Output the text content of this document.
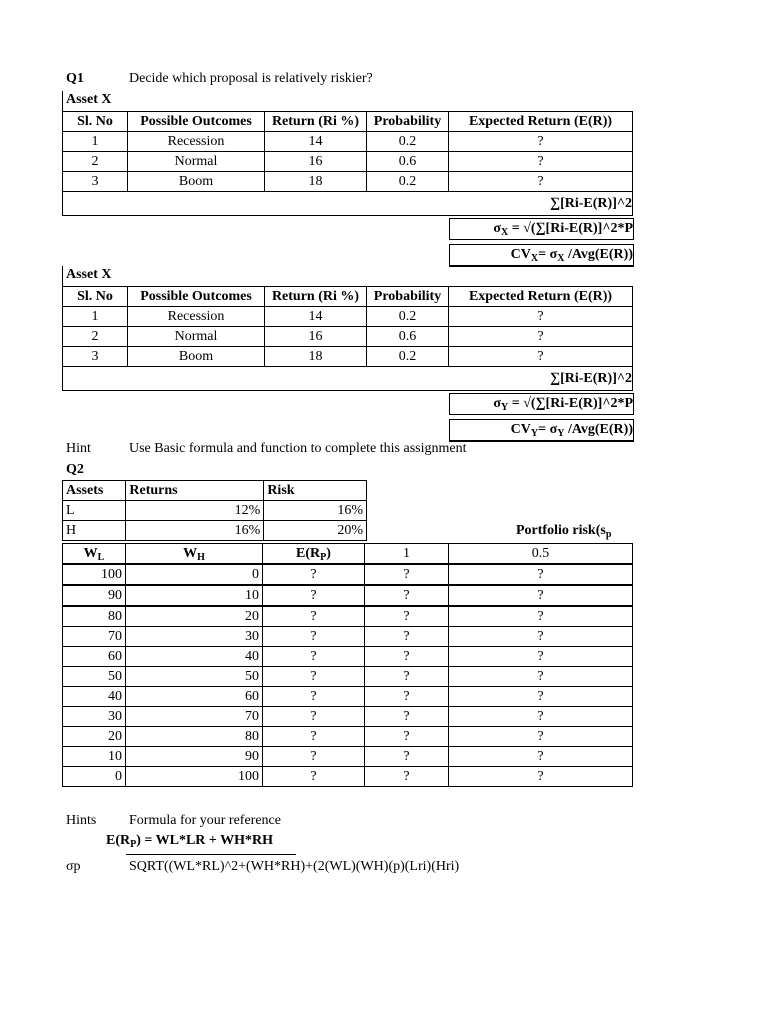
Q1	Decide which proposal is relatively riskier?
Asset X
Sl. No	Possible Outcomes	Return (Ri %)	Probability	Expected Return (E(R))
1	Recession	14	0.2	?
2	Normal	16	0.6	?
3	Boom	18	0.2	?
∑[Ri-E(R)]^2				
$\sigma_X$ = √(∑[Ri-E(R)]^2*P
$CV_X= \sigma_X$ /Avg(E(R))
Asset X
Sl. No	Possible Outcomes	Return (Ri %)	Probability	Expected Return (E(R))
1	Recession	14	0.2	?
2	Normal	16	0.6	?
3	Boom	18	0.2	?
∑[Ri-E(R)]^2				
$\sigma_Y$ = √(∑[Ri-E(R)]^2*P
$CV_Y= \sigma_Y$ /Avg(E(R))
Hint	Use Basic formula and function to complete this assignment
Q2
Assets	Returns	Risk
L	12%	16%
H	16%	20%	Portfolio $risk(s_p$
$W_L$	$W_H$	$E(R_P)$	1	0.5
100	0	?	?	?
90	10	?	?	?
80	20	?	?	?
70	30	?	?	?
60	40	?	?	?
50	50	?	?	?
40	60	?	?	?
30	70	?	?	?
20	80	?	?	?
10	90	?	?	?
0	100	?	?	?
Hints Formula for your reference
$E(R_P) = WL*LR + WH*RH$
σp	SQRT((WL*RL)^2+(WH*RH)+(2(WL)(WH)(p)(Lri)(Hri)
